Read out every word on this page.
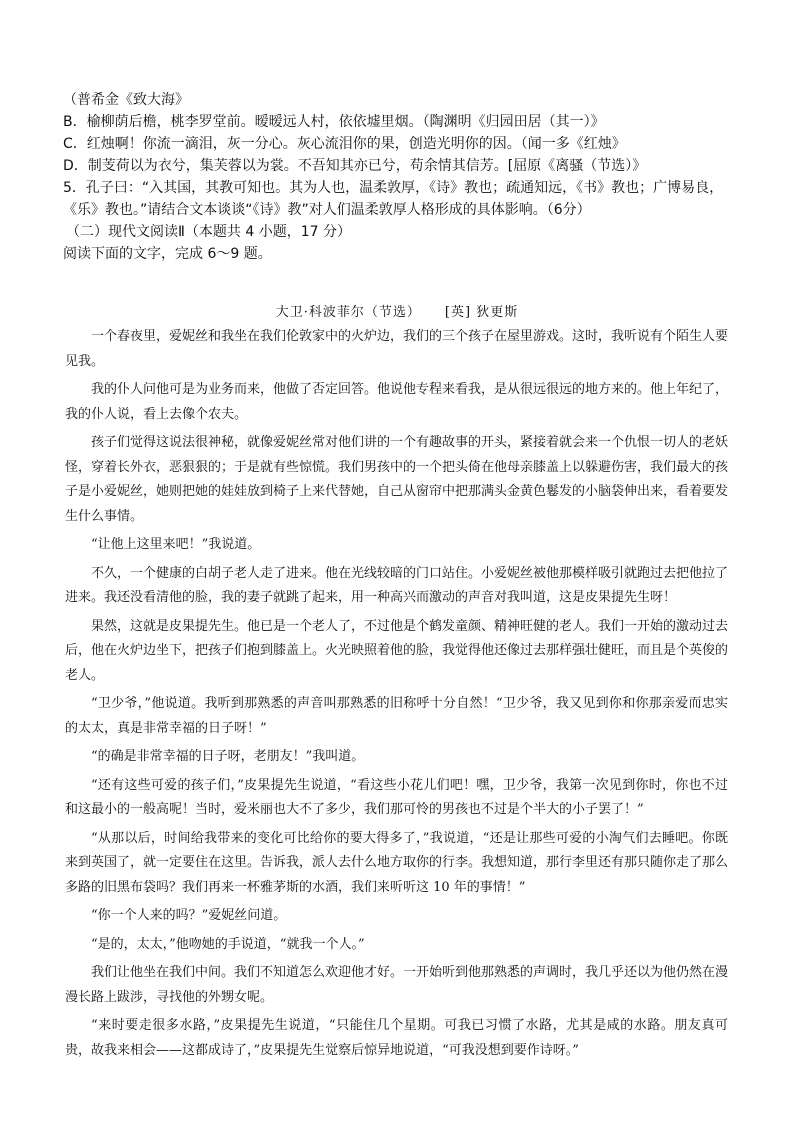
（普希金《致大海》

B．榆柳荫后檐，桃李罗堂前。暧暧远人村，依依墟里烟。（陶渊明《归园田居（其一）》

C．红烛啊！你流一滴泪，灰一分心。灰心流泪你的果，创造光明你的因。（闻一多《红烛》

D．制芰荷以为衣兮，集芙蓉以为裳。不吾知其亦已兮，苟余情其信芳。[屈原《离骚（节选）》

5．孔子曰：“入其国，其教可知也。其为人也，温柔敦厚，《诗》教也；疏通知远，《书》教也；广博易良，

《乐》教也。”请结合文本谈谈“《诗》教”对人们温柔敦厚人格形成的具体影响。（6分）

（二）现代文阅读Ⅱ（本题共 4 小题，17 分）

阅读下面的文字，完成 6～9 题。

大卫·科波菲尔（节选） [英] 狄更斯

一个春夜里，爱妮丝和我坐在我们伦敦家中的火炉边，我们的三个孩子在屋里游戏。这时，我听说有个陌生人要见我。

我的仆人问他可是为业务而来，他做了否定回答。他说他专程来看我，是从很远很远的地方来的。他上年纪了，我的仆人说，看上去像个农夫。

孩子们觉得这说法很神秘，就像爱妮丝常对他们讲的一个有趣故事的开头，紧接着就会来一个仇恨一切人的老妖怪，穿着长外衣，恶狠狠的；于是就有些惊慌。我们男孩中的一个把头倚在他母亲膝盖上以躲避伤害，我们最大的孩子是小爱妮丝，她则把她的娃娃放到椅子上来代替她，自己从窗帘中把那满头金黄色鬈发的小脑袋伸出来，看着要发生什么事情。

“让他上这里来吧！”我说道。

不久，一个健康的白胡子老人走了进来。他在光线较暗的门口站住。小爱妮丝被他那模样吸引就跑过去把他拉了进来。我还没看清他的脸，我的妻子就跳了起来，用一种高兴而激动的声音对我叫道，这是皮果提先生呀！

果然，这就是皮果提先生。他已是一个老人了，不过他是个鹤发童颜、精神旺健的老人。我们一开始的激动过去后，他在火炉边坐下，把孩子们抱到膝盖上。火光映照着他的脸，我觉得他还像过去那样强壮健旺，而且是个英俊的老人。

“卫少爷，”他说道。我听到那熟悉的声音叫那熟悉的旧称呼十分自然！“卫少爷，我又见到你和你那亲爱而忠实的太太，真是非常幸福的日子呀！”

“的确是非常幸福的日子呀，老朋友！”我叫道。

“还有这些可爱的孩子们，”皮果提先生说道，“看这些小花儿们吧！嘿，卫少爷，我第一次见到你时，你也不过和这最小的一般高呢！当时，爱米丽也大不了多少，我们那可怜的男孩也不过是个半大的小子罢了！”

“从那以后，时间给我带来的变化可比给你的要大得多了，”我说道，“还是让那些可爱的小淘气们去睡吧。你既来到英国了，就一定要住在这里。告诉我，派人去什么地方取你的行李。我想知道，那行李里还有那只随你走了那么多路的旧黑布袋吗？我们再来一杯雅茅斯的水酒，我们来听听这 10 年的事情！”

“你一个人来的吗？”爱妮丝问道。

“是的，太太，”他吻她的手说道，“就我一个人。”

我们让他坐在我们中间。我们不知道怎么欢迎他才好。一开始听到他那熟悉的声调时，我几乎还以为他仍然在漫漫长路上跋涉，寻找他的外甥女呢。

“来时要走很多水路，”皮果提先生说道，“只能住几个星期。可我已习惯了水路，尤其是咸的水路。朋友真可贵，故我来相会——这都成诗了，”皮果提先生觉察后惊异地说道，“可我没想到要作诗呀。”
